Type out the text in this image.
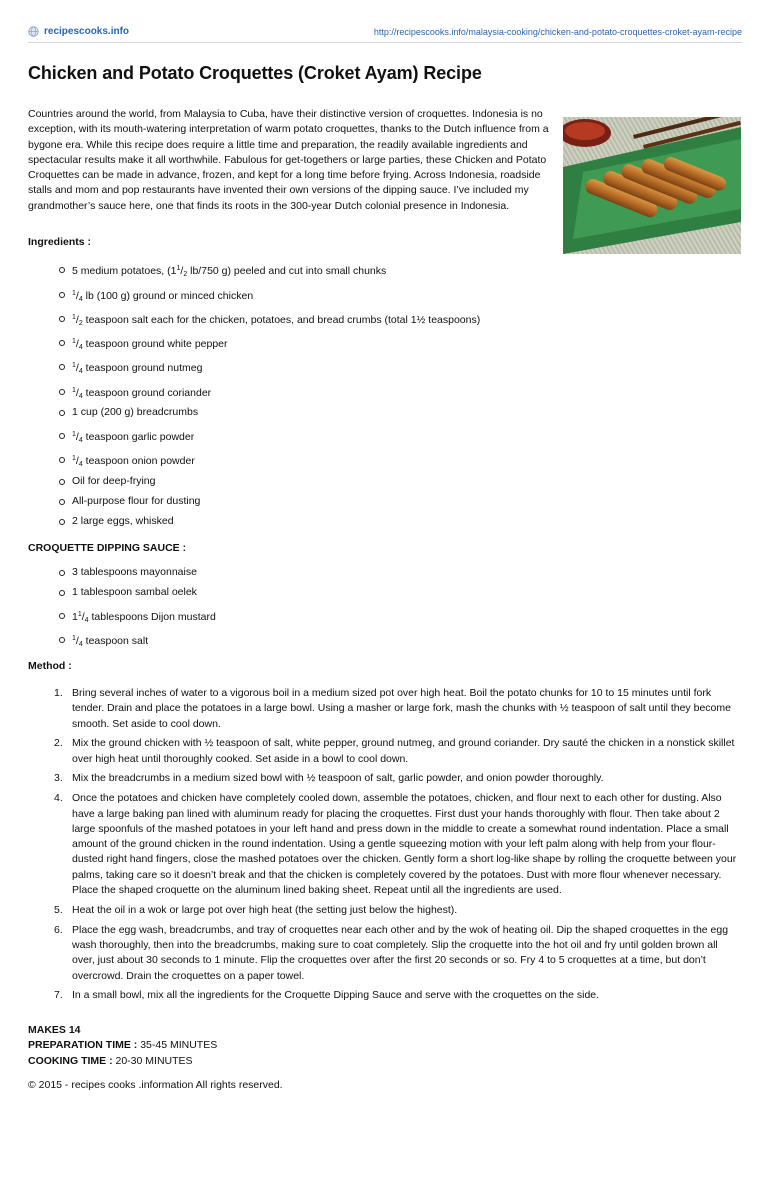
recipescooks.info	http://recipescooks.info/malaysia-cooking/chicken-and-potato-croquettes-croket-ayam-recipe
Chicken and Potato Croquettes (Croket Ayam) Recipe

Countries around the world, from Malaysia to Cuba, have their distinctive version of croquettes. Indonesia is no exception, with its mouth-watering interpretation of warm potato croquettes, thanks to the Dutch influence from a bygone era. While this recipe does require a little time and preparation, the readily available ingredients and spectacular results make it all worthwhile. Fabulous for get-togethers or large parties, these Chicken and Potato Croquettes can be made in advance, frozen, and kept for a long time before frying. Across Indonesia, roadside stalls and mom and pop restaurants have invented their own versions of the dipping sauce. I’ve included my grandmother’s sauce here, one that finds its roots in the 300-year Dutch colonial presence in Indonesia.

Ingredients :

5 medium potatoes, ($1^1/_2$ lb/750 g) peeled and cut into small chunks
$^1/_4$ lb (100 g) ground or minced chicken
$^1/_2$ teaspoon salt each for the chicken, potatoes, and bread crumbs (total 1½ teaspoons)
$^1/_4$ teaspoon ground white pepper
$^1/_4$ teaspoon ground nutmeg
$^1/_4$ teaspoon ground coriander
1 cup (200 g) breadcrumbs
$^1/_4$ teaspoon garlic powder
$^1/_4$ teaspoon onion powder
Oil for deep-frying
All-purpose flour for dusting
2 large eggs, whisked

CROQUETTE DIPPING SAUCE :

3 tablespoons mayonnaise
1 tablespoon sambal oelek
$1^1/_4$ tablespoons Dijon mustard
$^1/_4$ teaspoon salt

Method :

1. Bring several inches of water to a vigorous boil in a medium sized pot over high heat. Boil the potato chunks for 10 to 15 minutes until fork tender. Drain and place the potatoes in a large bowl. Using a masher or large fork, mash the chunks with ½ teaspoon of salt until they become smooth. Set aside to cool down.
2. Mix the ground chicken with ½ teaspoon of salt, white pepper, ground nutmeg, and ground coriander. Dry sauté the chicken in a nonstick skillet over high heat until thoroughly cooked. Set aside in a bowl to cool down.
3. Mix the breadcrumbs in a medium sized bowl with ½ teaspoon of salt, garlic powder, and onion powder thoroughly.
4. Once the potatoes and chicken have completely cooled down, assemble the potatoes, chicken, and flour next to each other for dusting. Also have a large baking pan lined with aluminum ready for placing the croquettes. First dust your hands thoroughly with flour. Then take about 2 large spoonfuls of the mashed potatoes in your left hand and press down in the middle to create a somewhat round indentation. Place a small amount of the ground chicken in the round indentation. Using a gentle squeezing motion with your left palm along with help from your flour-dusted right hand fingers, close the mashed potatoes over the chicken. Gently form a short log-like shape by rolling the croquette between your palms, taking care so it doesn’t break and that the chicken is completely covered by the potatoes. Dust with more flour whenever necessary. Place the shaped croquette on the aluminum lined baking sheet. Repeat until all the ingredients are used.
5. Heat the oil in a wok or large pot over high heat (the setting just below the highest).
6. Place the egg wash, breadcrumbs, and tray of croquettes near each other and by the wok of heating oil. Dip the shaped croquettes in the egg wash thoroughly, then into the breadcrumbs, making sure to coat completely. Slip the croquette into the hot oil and fry until golden brown all over, just about 30 seconds to 1 minute. Flip the croquettes over after the first 20 seconds or so. Fry 4 to 5 croquettes at a time, but don’t overcrowd. Drain the croquettes on a paper towel.
7. In a small bowl, mix all the ingredients for the Croquette Dipping Sauce and serve with the croquettes on the side.
MAKES 14
PREPARATION TIME : 35-45 MINUTES
COOKING TIME : 20-30 MINUTES
© 2015 - recipes cooks .information All rights reserved.
